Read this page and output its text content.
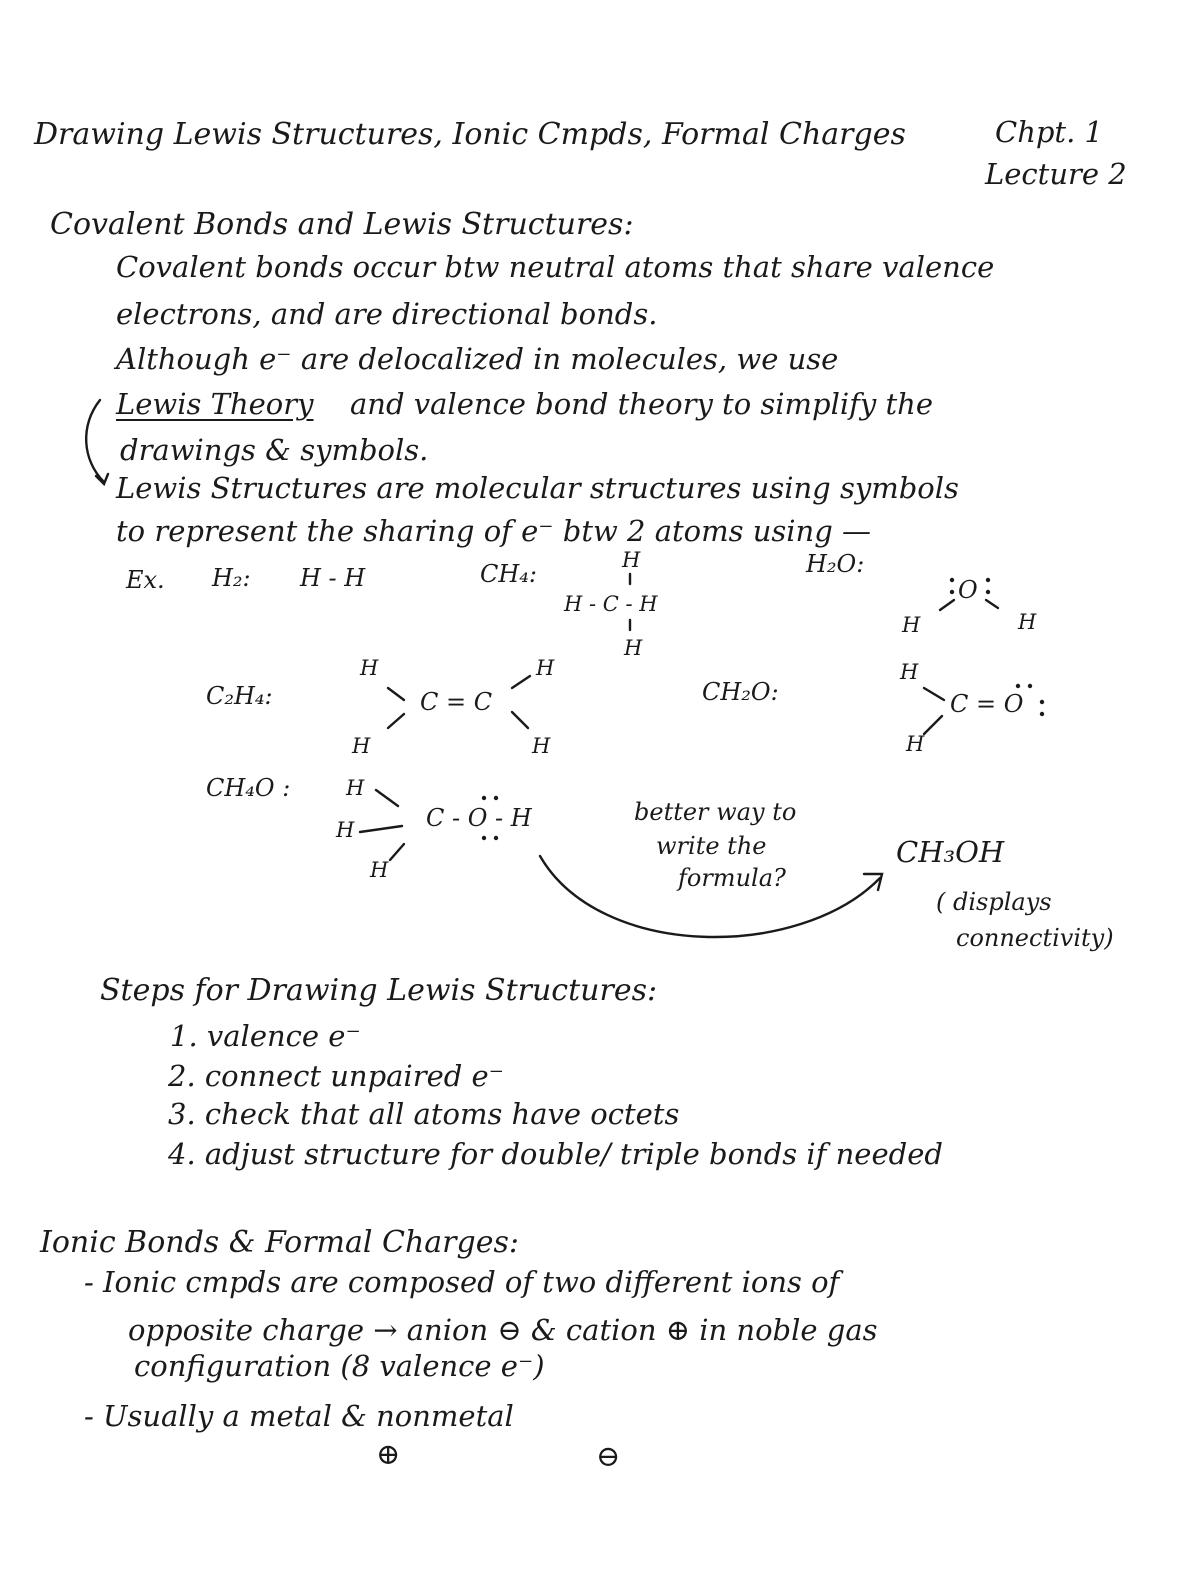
Drawing Lewis Structures, Ionic Cmpds, Formal Charges	Chpt. 1
Lecture 2
Covalent Bonds and Lewis Structures:
Covalent bonds occur btw neutral atoms that share valence
electrons, and are directional bonds.
Although e⁻ are delocalized in molecules, we use
Lewis Theory and valence bond theory to simplify the
drawings & symbols.
Lewis Structures are molecular structures using symbols
to represent the sharing of e⁻ btw 2 atoms using —
Ex. H₂: H - H	CH₄:	H
H - C - H
H
H₂O:
O
H	H
C₂H₄:
H
H
C = C
H
H
CH₂O:
H
H
C = O
CH₄O :	H
H
H
C - O - H	better way to
write the
formula?
CH₃OH
( displays
connectivity)
Steps for Drawing Lewis Structures:
1. valence e⁻
2. connect unpaired e⁻
3. check that all atoms have octets
4. adjust structure for double/ triple bonds if needed
Ionic Bonds & Formal Charges:
- Ionic cmpds are composed of two different ions of
opposite charge → anion ⊖ & cation ⊕ in noble gas
configuration (8 valence e⁻)
- Usually a metal & nonmetal
⊕	⊖
